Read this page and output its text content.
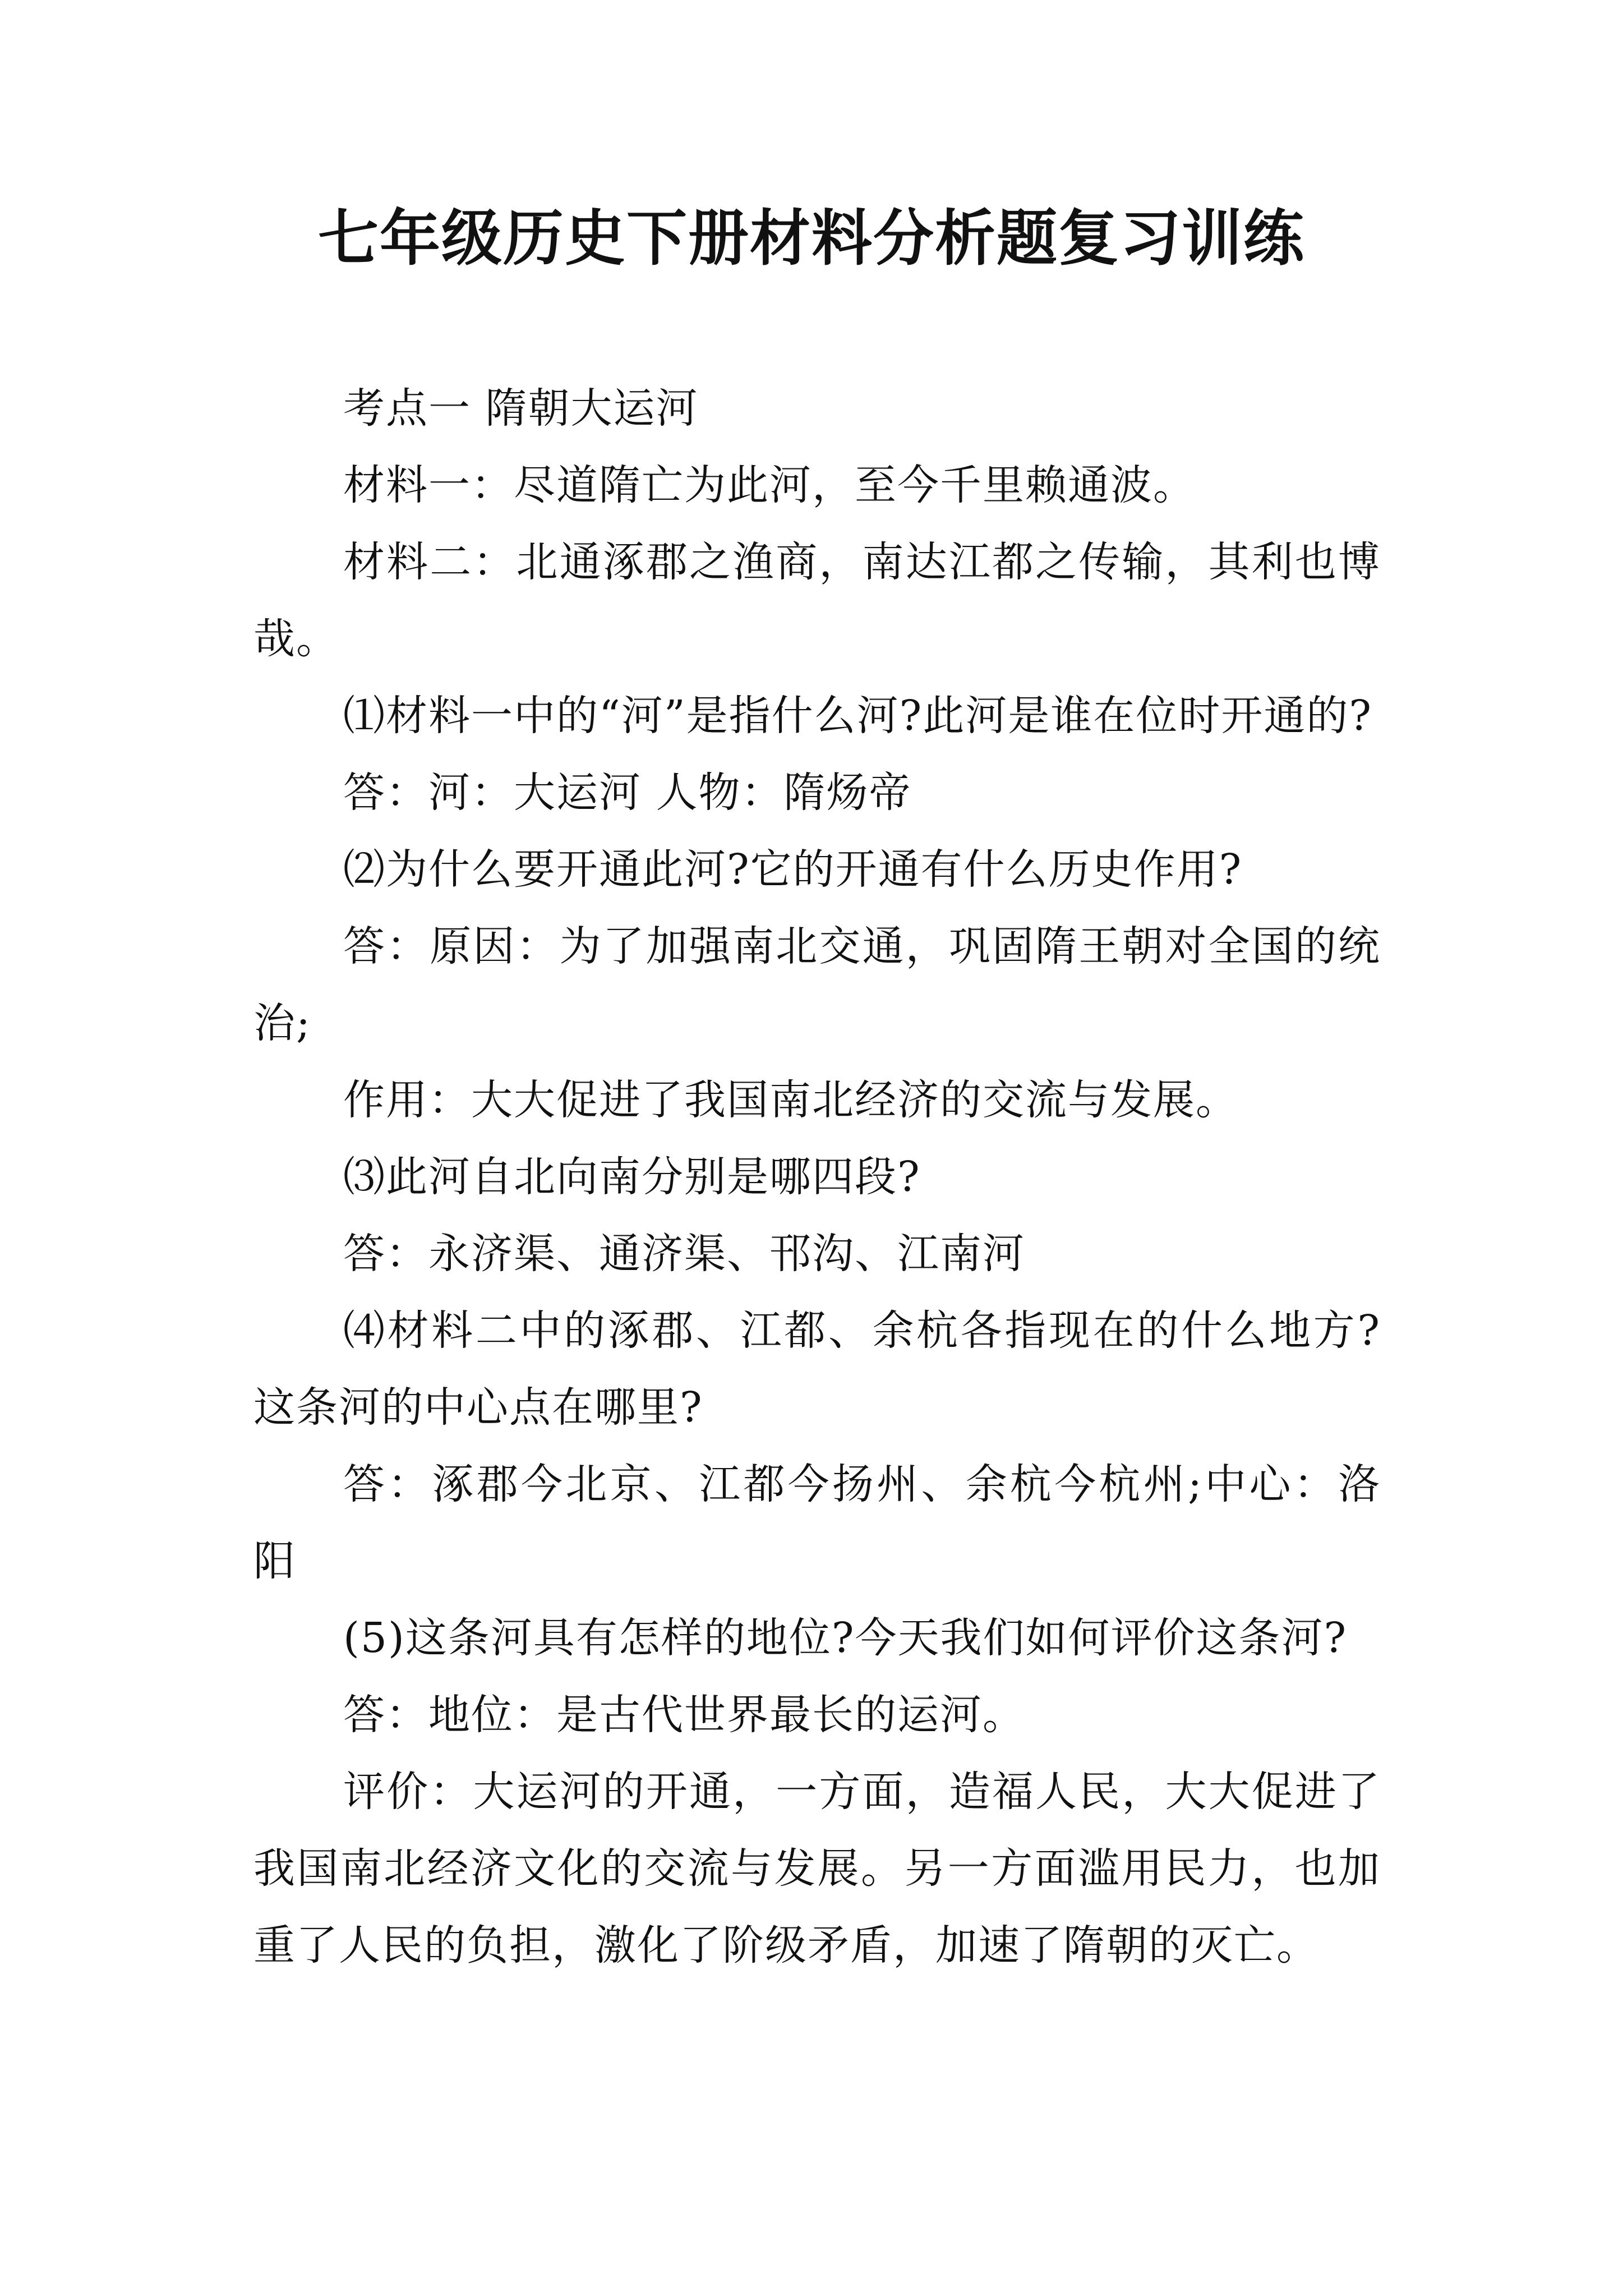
七年级历史下册材料分析题复习训练

考点一 隋朝大运河

材料一：尽道隋亡为此河，至今千里赖通波。

材料二：北通涿郡之渔商，南达江都之传输，其利也博哉。

⑴材料一中的“河”是指什么河?此河是谁在位时开通的?

答：河：大运河 人物：隋炀帝

⑵为什么要开通此河?它的开通有什么历史作用?

答：原因：为了加强南北交通，巩固隋王朝对全国的统治;

作用：大大促进了我国南北经济的交流与发展。

⑶此河自北向南分别是哪四段?

答：永济渠、通济渠、邗沟、江南河

⑷材料二中的涿郡、江都、余杭各指现在的什么地方?这条河的中心点在哪里?

答：涿郡今北京、江都今扬州、余杭今杭州;中心：洛阳

(5)这条河具有怎样的地位?今天我们如何评价这条河?

答：地位：是古代世界最长的运河。

评价：大运河的开通，一方面，造福人民，大大促进了我国南北经济文化的交流与发展。另一方面滥用民力，也加重了人民的负担，激化了阶级矛盾，加速了隋朝的灭亡。
